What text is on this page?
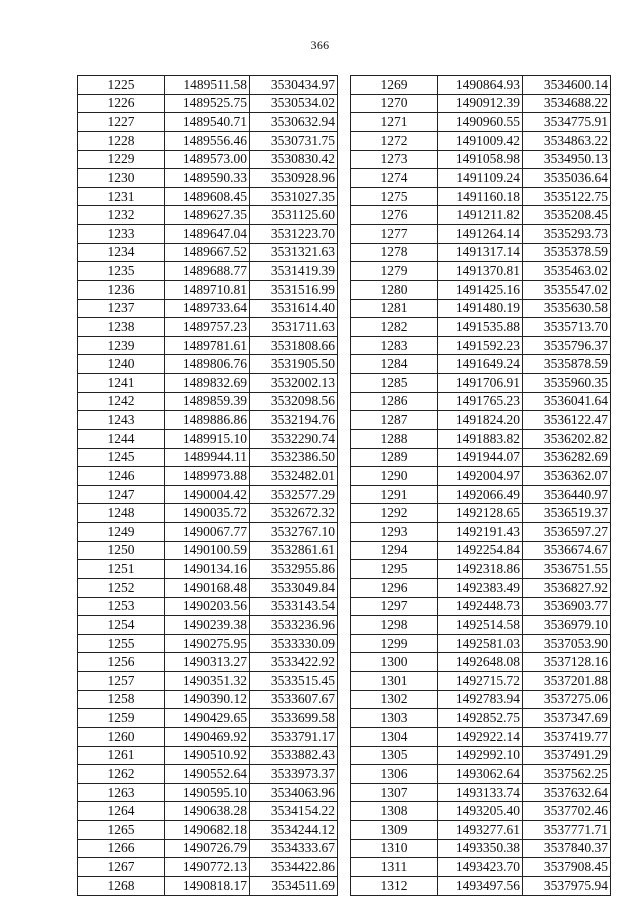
366
1225	1489511.58	3530434.97
1226	1489525.75	3530534.02
1227	1489540.71	3530632.94
1228	1489556.46	3530731.75
1229	1489573.00	3530830.42
1230	1489590.33	3530928.96
1231	1489608.45	3531027.35
1232	1489627.35	3531125.60
1233	1489647.04	3531223.70
1234	1489667.52	3531321.63
1235	1489688.77	3531419.39
1236	1489710.81	3531516.99
1237	1489733.64	3531614.40
1238	1489757.23	3531711.63
1239	1489781.61	3531808.66
1240	1489806.76	3531905.50
1241	1489832.69	3532002.13
1242	1489859.39	3532098.56
1243	1489886.86	3532194.76
1244	1489915.10	3532290.74
1245	1489944.11	3532386.50
1246	1489973.88	3532482.01
1247	1490004.42	3532577.29
1248	1490035.72	3532672.32
1249	1490067.77	3532767.10
1250	1490100.59	3532861.61
1251	1490134.16	3532955.86
1252	1490168.48	3533049.84
1253	1490203.56	3533143.54
1254	1490239.38	3533236.96
1255	1490275.95	3533330.09
1256	1490313.27	3533422.92
1257	1490351.32	3533515.45
1258	1490390.12	3533607.67
1259	1490429.65	3533699.58
1260	1490469.92	3533791.17
1261	1490510.92	3533882.43
1262	1490552.64	3533973.37
1263	1490595.10	3534063.96
1264	1490638.28	3534154.22
1265	1490682.18	3534244.12
1266	1490726.79	3534333.67
1267	1490772.13	3534422.86
1268	1490818.17	3534511.69
1269	1490864.93	3534600.14
1270	1490912.39	3534688.22
1271	1490960.55	3534775.91
1272	1491009.42	3534863.22
1273	1491058.98	3534950.13
1274	1491109.24	3535036.64
1275	1491160.18	3535122.75
1276	1491211.82	3535208.45
1277	1491264.14	3535293.73
1278	1491317.14	3535378.59
1279	1491370.81	3535463.02
1280	1491425.16	3535547.02
1281	1491480.19	3535630.58
1282	1491535.88	3535713.70
1283	1491592.23	3535796.37
1284	1491649.24	3535878.59
1285	1491706.91	3535960.35
1286	1491765.23	3536041.64
1287	1491824.20	3536122.47
1288	1491883.82	3536202.82
1289	1491944.07	3536282.69
1290	1492004.97	3536362.07
1291	1492066.49	3536440.97
1292	1492128.65	3536519.37
1293	1492191.43	3536597.27
1294	1492254.84	3536674.67
1295	1492318.86	3536751.55
1296	1492383.49	3536827.92
1297	1492448.73	3536903.77
1298	1492514.58	3536979.10
1299	1492581.03	3537053.90
1300	1492648.08	3537128.16
1301	1492715.72	3537201.88
1302	1492783.94	3537275.06
1303	1492852.75	3537347.69
1304	1492922.14	3537419.77
1305	1492992.10	3537491.29
1306	1493062.64	3537562.25
1307	1493133.74	3537632.64
1308	1493205.40	3537702.46
1309	1493277.61	3537771.71
1310	1493350.38	3537840.37
1311	1493423.70	3537908.45
1312	1493497.56	3537975.94
